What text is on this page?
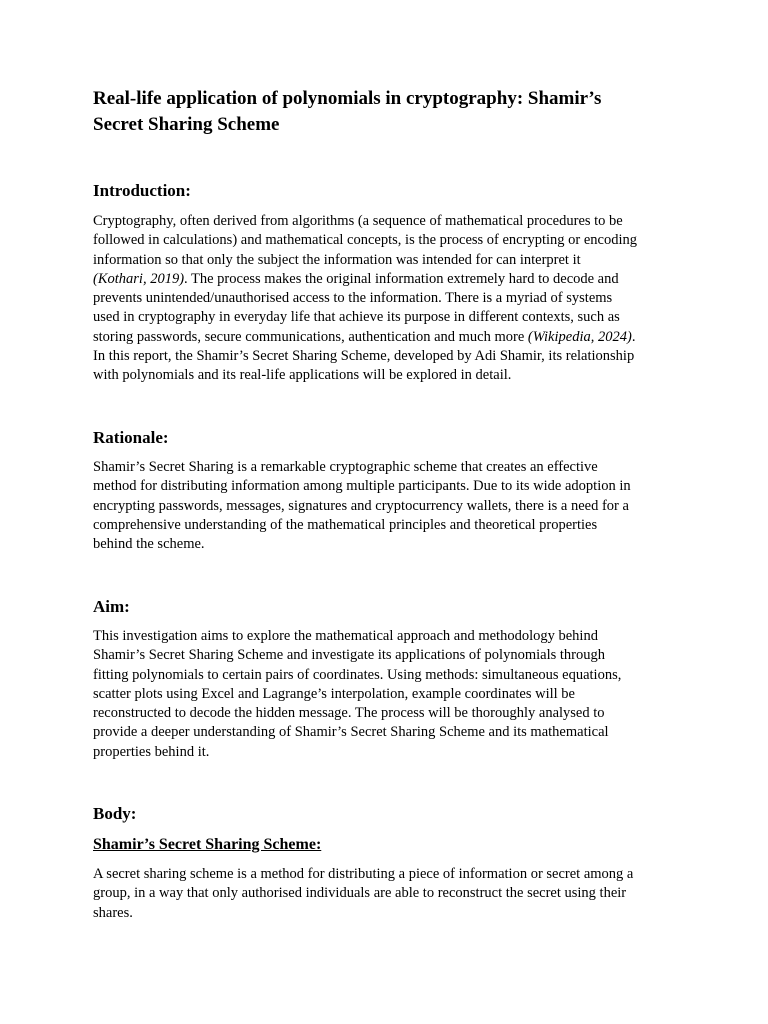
Real-life application of polynomials in cryptography: Shamir’s
Secret Sharing Scheme
Introduction:

Cryptography, often derived from algorithms (a sequence of mathematical procedures to be
followed in calculations) and mathematical concepts, is the process of encrypting or encoding
information so that only the subject the information was intended for can interpret it
(Kothari, 2019). The process makes the original information extremely hard to decode and
prevents unintended/unauthorised access to the information. There is a myriad of systems
used in cryptography in everyday life that achieve its purpose in different contexts, such as
storing passwords, secure communications, authentication and much more (Wikipedia, 2024).
In this report, the Shamir’s Secret Sharing Scheme, developed by Adi Shamir, its relationship
with polynomials and its real-life applications will be explored in detail.

Rationale:

Shamir’s Secret Sharing is a remarkable cryptographic scheme that creates an effective
method for distributing information among multiple participants. Due to its wide adoption in
encrypting passwords, messages, signatures and cryptocurrency wallets, there is a need for a
comprehensive understanding of the mathematical principles and theoretical properties
behind the scheme.

Aim:

This investigation aims to explore the mathematical approach and methodology behind
Shamir’s Secret Sharing Scheme and investigate its applications of polynomials through
fitting polynomials to certain pairs of coordinates. Using methods: simultaneous equations,
scatter plots using Excel and Lagrange’s interpolation, example coordinates will be
reconstructed to decode the hidden message. The process will be thoroughly analysed to
provide a deeper understanding of Shamir’s Secret Sharing Scheme and its mathematical
properties behind it.

Body:
Shamir’s Secret Sharing Scheme:

A secret sharing scheme is a method for distributing a piece of information or secret among a
group, in a way that only authorised individuals are able to reconstruct the secret using their
shares.
